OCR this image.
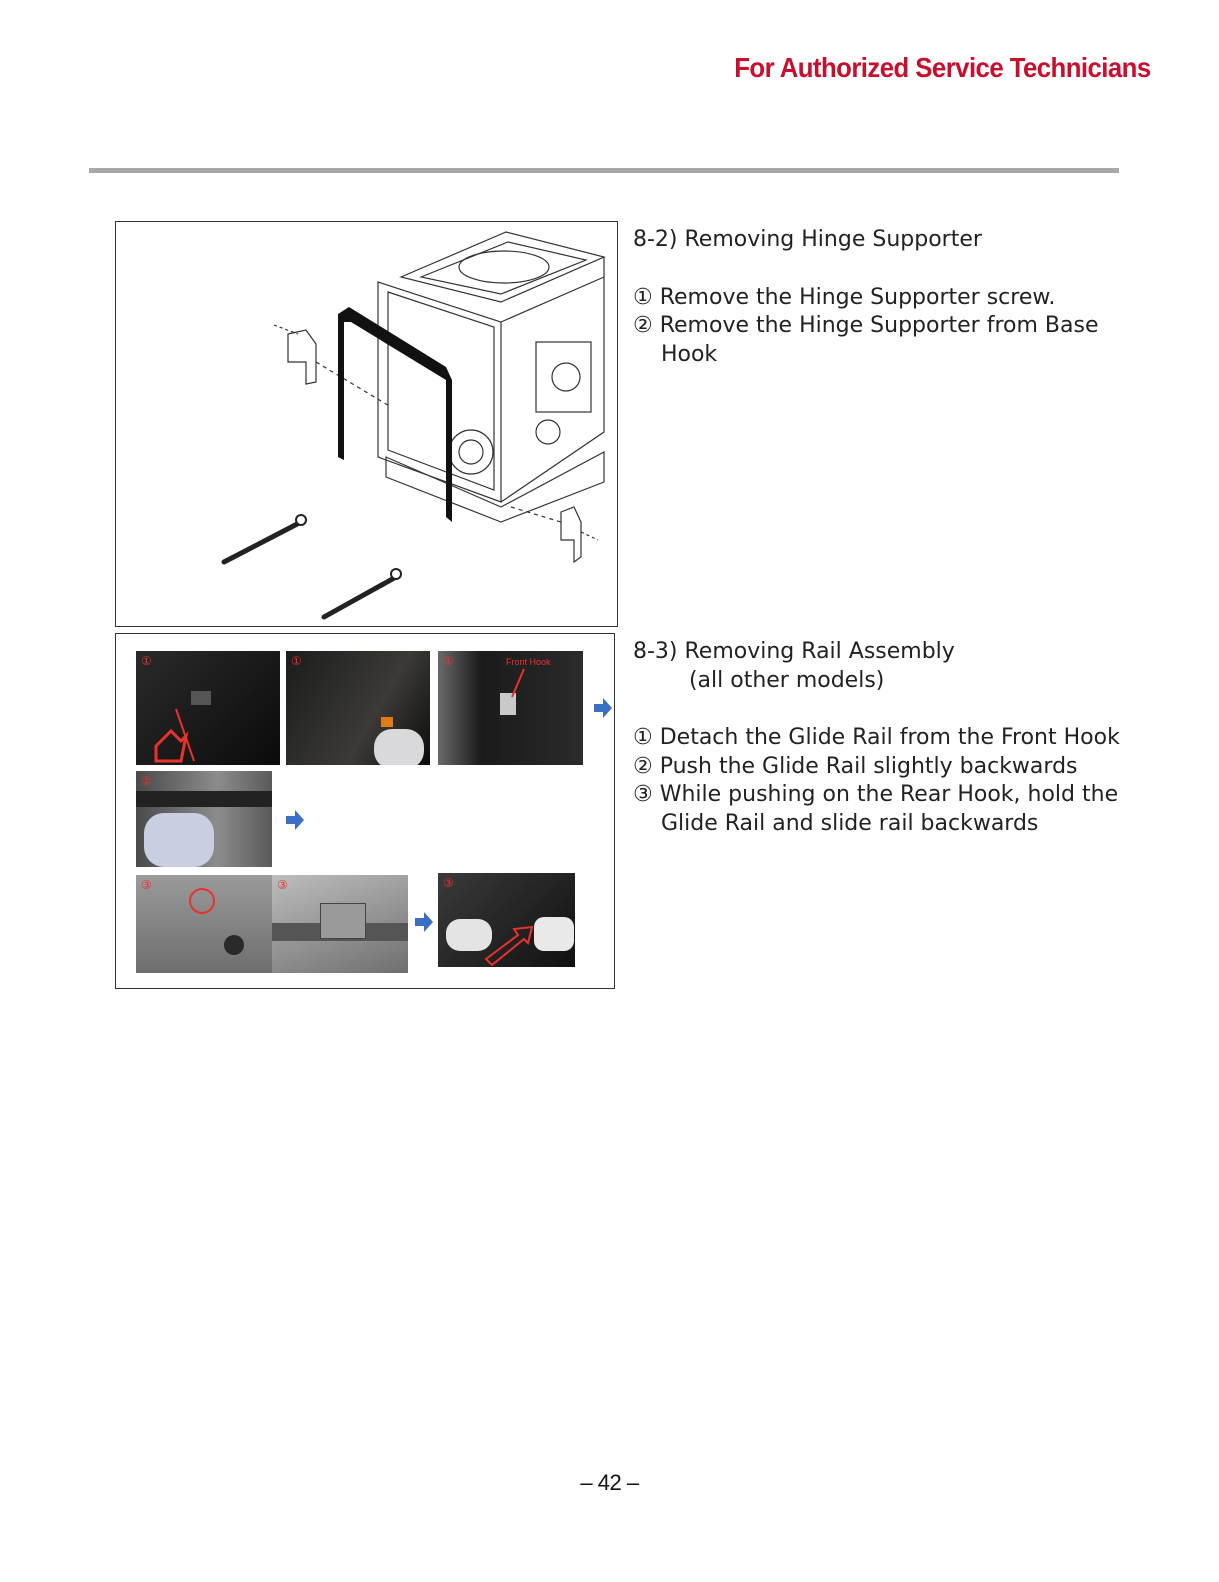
For Authorized Service Technicians
8-2) Removing Hinge Supporter
① Remove the Hinge Supporter screw.
② Remove the Hinge Supporter from Base
Hook
①	①	①	Front Hook
②
③	③	③
8-3) Removing Rail Assembly
(all other models)
① Detach the Glide Rail from the Front Hook
② Push the Glide Rail slightly backwards
③ While pushing on the Rear Hook, hold the
Glide Rail and slide rail backwards
– 42 –
